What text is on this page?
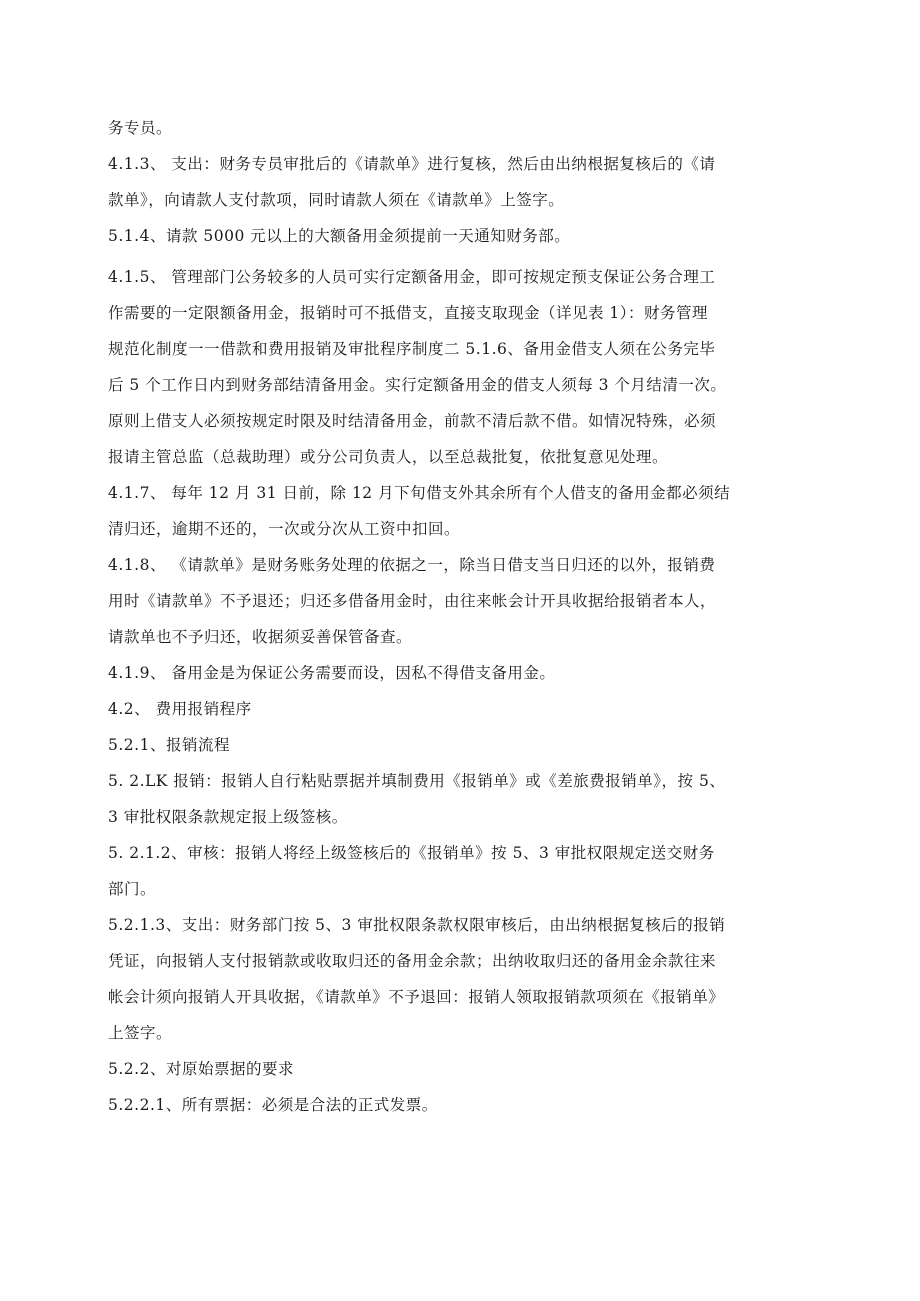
务专员。
4.1.3、 支出：财务专员审批后的《请款单》进行复核，然后由出纳根据复核后的《请
款单》，向请款人支付款项，同时请款人须在《请款单》上签字。
5.1.4、请款 5000 元以上的大额备用金须提前一天通知财务部。
4.1.5、 管理部门公务较多的人员可实行定额备用金，即可按规定预支保证公务合理工
作需要的一定限额备用金，报销时可不抵借支，直接支取现金（详见表 1）：财务管理
规范化制度一一借款和费用报销及审批程序制度二 5.1.6、备用金借支人须在公务完毕
后 5 个工作日内到财务部结清备用金。实行定额备用金的借支人须每 3 个月结清一次。
原则上借支人必须按规定时限及时结清备用金，前款不清后款不借。如情况特殊，必须
报请主管总监（总裁助理）或分公司负责人，以至总裁批复，依批复意见处理。
4.1.7、 每年 12 月 31 日前，除 12 月下旬借支外其余所有个人借支的备用金都必须结
清归还，逾期不还的，一次或分次从工资中扣回。
4.1.8、 《请款单》是财务账务处理的依据之一，除当日借支当日归还的以外，报销费
用时《请款单》不予退还；归还多借备用金时，由往来帐会计开具收据给报销者本人，
请款单也不予归还，收据须妥善保管备查。
4.1.9、 备用金是为保证公务需要而设，因私不得借支备用金。
4.2、 费用报销程序
5.2.1、报销流程
5. 2.LK 报销：报销人自行粘贴票据并填制费用《报销单》或《差旅费报销单》，按 5、
3 审批权限条款规定报上级签核。
5. 2.1.2、审核：报销人将经上级签核后的《报销单》按 5、3 审批权限规定送交财务
部门。
5.2.1.3、支出：财务部门按 5、3 审批权限条款权限审核后，由出纳根据复核后的报销
凭证，向报销人支付报销款或收取归还的备用金余款；出纳收取归还的备用金余款往来
帐会计须向报销人开具收据，《请款单》不予退回：报销人领取报销款项须在《报销单》
上签字。
5.2.2、对原始票据的要求
5.2.2.1、所有票据：必须是合法的正式发票。
